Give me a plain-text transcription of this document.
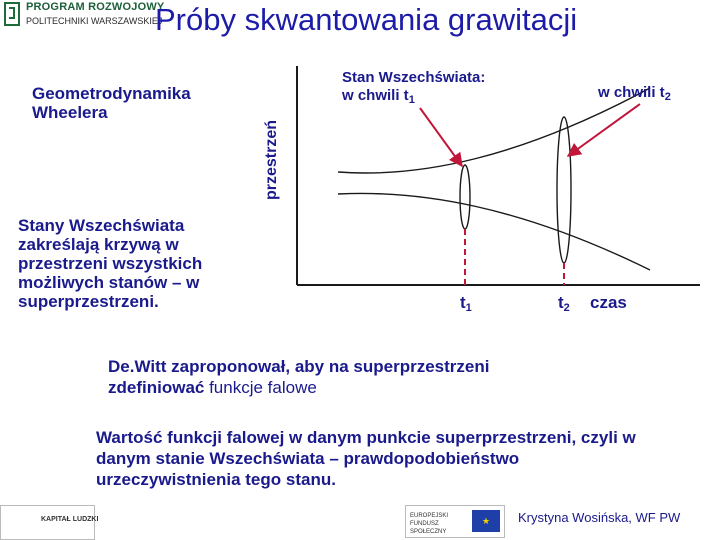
PROGRAM ROZWOJOWY
POLITECHNIKI WARSZAWSKIEJ
Próby skwantowania grawitacji
Geometrodynamika Wheelera
Stany Wszechświata zakreślają krzywą w przestrzeni wszystkich możliwych stanów – w superprzestrzeni.
przestrzeń
Stan Wszechświata:
w chwili $t_1$	w chwili $t_2$
$t_1$	$t_2$ czas
De.Witt zaproponował, aby na superprzestrzeni zdefiniować funkcje falowe
Wartość funkcji falowej w danym punkcie superprzestrzeni, czyli w danym stanie Wszechświata – prawdopodobieństwo urzeczywistnienia tego stanu.
KAPITAŁ LUDZKI	EUROPEJSKI FUNDUSZ SPOŁECZNY
★	Krystyna Wosińska, WF PW
